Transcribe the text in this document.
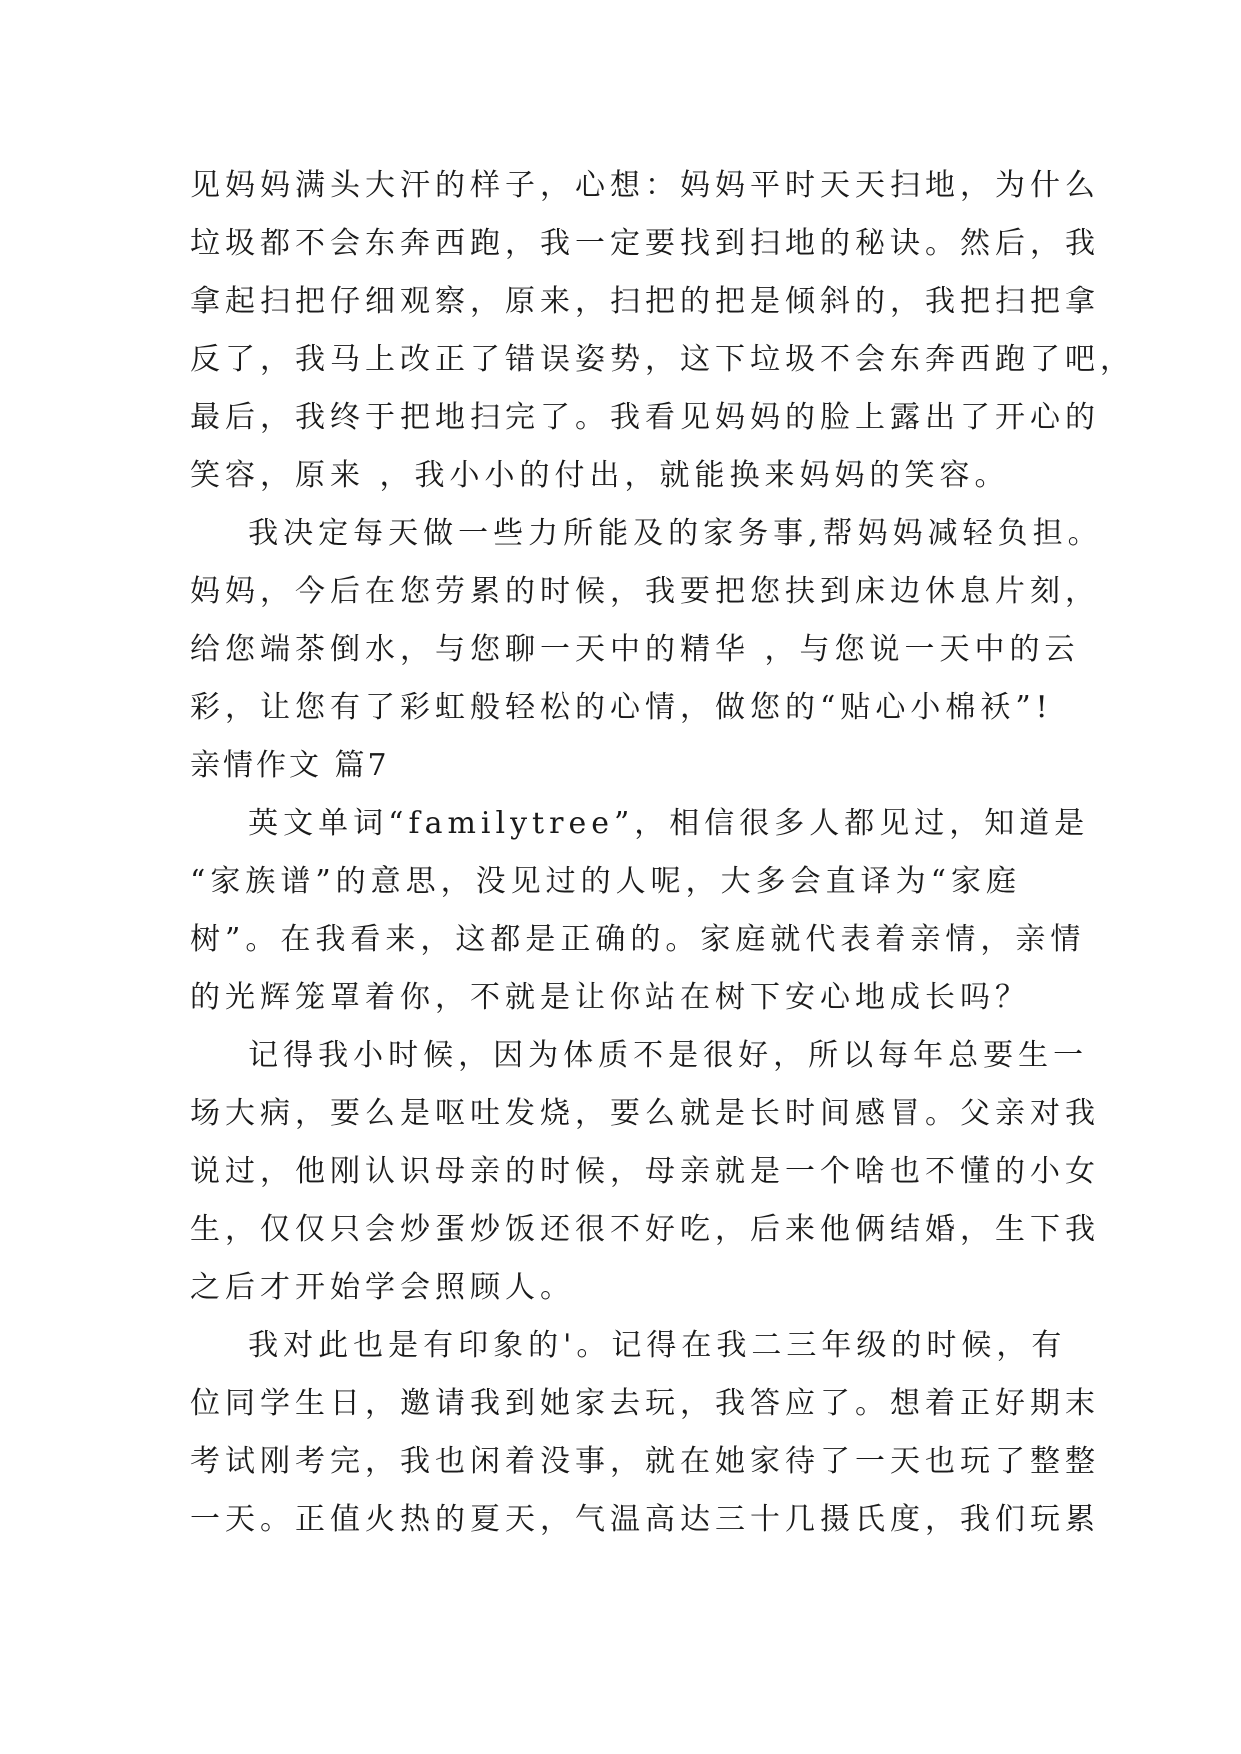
见妈妈满头大汗的样子，心想：妈妈平时天天扫地，为什么
垃圾都不会东奔西跑，我一定要找到扫地的秘诀。然后，我
拿起扫把仔细观察，原来，扫把的把是倾斜的，我把扫把拿
反了，我马上改正了错误姿势，这下垃圾不会东奔西跑了吧，
最后，我终于把地扫完了。我看见妈妈的脸上露出了开心的
笑容，原来 ，我小小的付出，就能换来妈妈的笑容。
我决定每天做一些力所能及的家务事,帮妈妈减轻负担。
妈妈，今后在您劳累的时候，我要把您扶到床边休息片刻，
给您端茶倒水，与您聊一天中的精华 ，与您说一天中的云
彩，让您有了彩虹般轻松的心情，做您的“贴心小棉袄”!
亲情作文 篇7
英文单词“familytree”，相信很多人都见过，知道是
“家族谱”的意思，没见过的人呢，大多会直译为“家庭
树”。在我看来，这都是正确的。家庭就代表着亲情，亲情
的光辉笼罩着你，不就是让你站在树下安心地成长吗？
记得我小时候，因为体质不是很好，所以每年总要生一
场大病，要么是呕吐发烧，要么就是长时间感冒。父亲对我
说过，他刚认识母亲的时候，母亲就是一个啥也不懂的小女
生，仅仅只会炒蛋炒饭还很不好吃，后来他俩结婚，生下我
之后才开始学会照顾人。
我对此也是有印象的'。记得在我二三年级的时候，有
位同学生日，邀请我到她家去玩，我答应了。想着正好期末
考试刚考完，我也闲着没事，就在她家待了一天也玩了整整
一天。正值火热的夏天，气温高达三十几摄氏度，我们玩累
